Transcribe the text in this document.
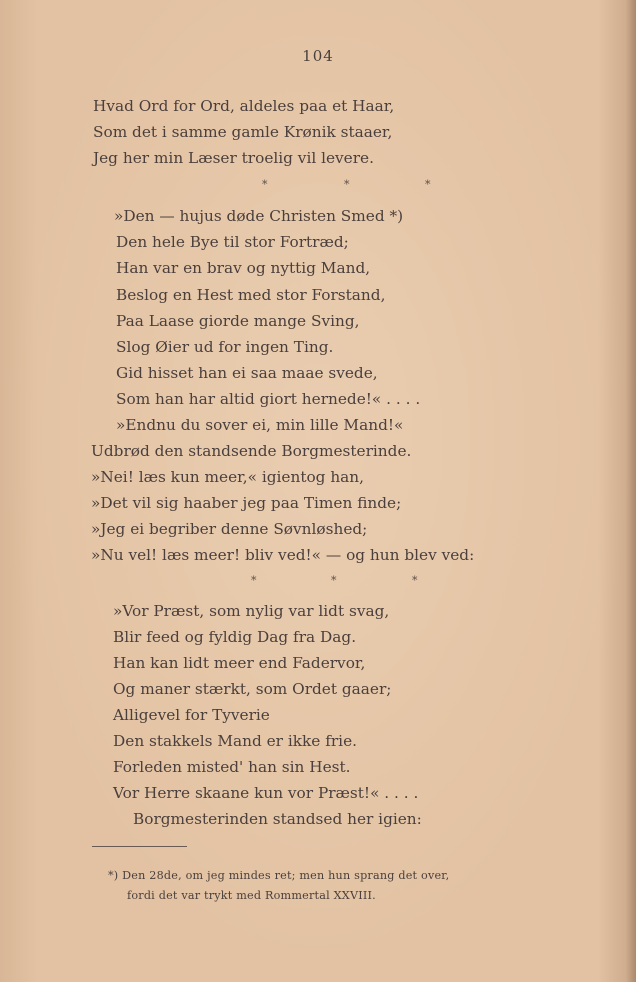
104
Hvad Ord for Ord, aldeles paa et Haar,
Som det i samme gamle Krønik staaer,
Jeg her min Læser troelig vil levere.
*	*	*
»Den — hujus døde Christen Smed *)
Den hele Bye til stor Fortræd;
Han var en brav og nyttig Mand,
Beslog en Hest med stor Forstand,
Paa Laase giorde mange Sving,
Slog Øier ud for ingen Ting.
Gid hisset han ei saa maae svede,
Som han har altid giort hernede!« . . . .
»Endnu du sover ei, min lille Mand!«
Udbrød den standsende Borgmesterinde.
»Nei! læs kun meer,« igientog han,
»Det vil sig haaber jeg paa Timen finde;
»Jeg ei begriber denne Søvnløshed;
»Nu vel! læs meer! bliv ved!« — og hun blev ved:
*	*	*
»Vor Præst, som nylig var lidt svag,
Blir feed og fyldig Dag fra Dag.
Han kan lidt meer end Fadervor,
Og maner stærkt, som Ordet gaaer;
Alligevel for Tyverie
Den stakkels Mand er ikke frie.
Forleden misted' han sin Hest.
Vor Herre skaane kun vor Præst!« . . . .
Borgmesterinden standsed her igien:
*) Den 28de, om jeg mindes ret; men hun sprang det over,
fordi det var trykt med Rommertal XXVIII.
